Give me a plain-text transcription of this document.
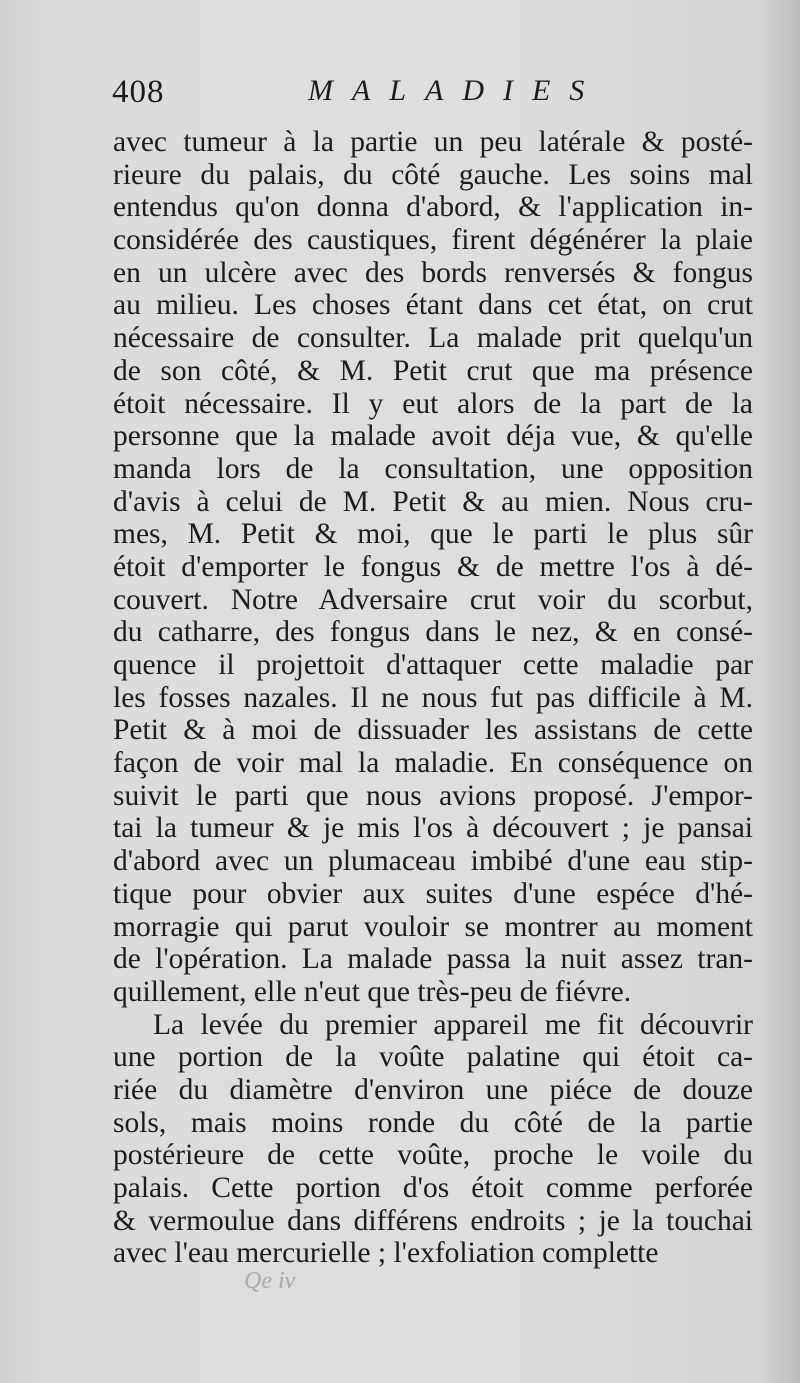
408	MALADIES
avec tumeur à la partie un peu latérale & posté-
rieure du palais, du côté gauche. Les soins mal
entendus qu'on donna d'abord, & l'application in-
considérée des caustiques, firent dégénérer la plaie
en un ulcère avec des bords renversés & fongus
au milieu. Les choses étant dans cet état, on crut
nécessaire de consulter. La malade prit quelqu'un
de son côté, & M. Petit crut que ma présence
étoit nécessaire. Il y eut alors de la part de la
personne que la malade avoit déja vue, & qu'elle
manda lors de la consultation, une opposition
d'avis à celui de M. Petit & au mien. Nous cru-
mes, M. Petit & moi, que le parti le plus sûr
étoit d'emporter le fongus & de mettre l'os à dé-
couvert. Notre Adversaire crut voir du scorbut,
du catharre, des fongus dans le nez, & en consé-
quence il projettoit d'attaquer cette maladie par
les fosses nazales. Il ne nous fut pas difficile à M.
Petit & à moi de dissuader les assistans de cette
façon de voir mal la maladie. En conséquence on
suivit le parti que nous avions proposé. J'empor-
tai la tumeur & je mis l'os à découvert ; je pansai
d'abord avec un plumaceau imbibé d'une eau stip-
tique pour obvier aux suites d'une espéce d'hé-
morragie qui parut vouloir se montrer au moment
de l'opération. La malade passa la nuit assez tran-
quillement, elle n'eut que très-peu de fiévre.
La levée du premier appareil me fit découvrir
une portion de la voûte palatine qui étoit ca-
riée du diamètre d'environ une piéce de douze
sols, mais moins ronde du côté de la partie
postérieure de cette voûte, proche le voile du
palais. Cette portion d'os étoit comme perforée
& vermoulue dans différens endroits ; je la touchai
avec l'eau mercurielle ; l'exfoliation complette
Qe iv
